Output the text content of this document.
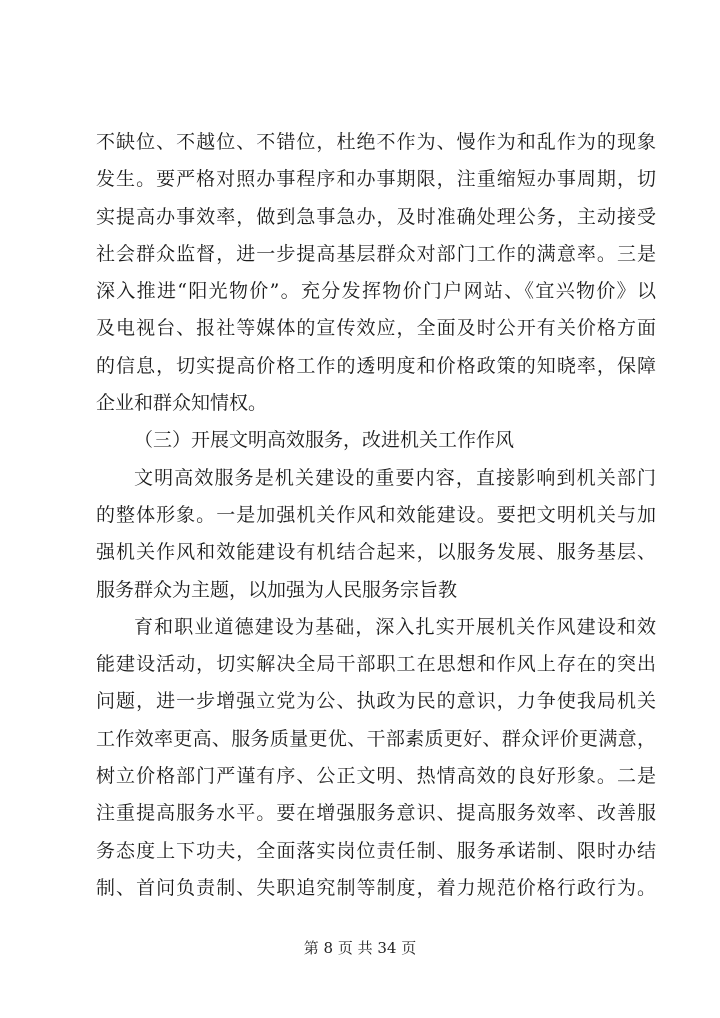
不缺位、不越位、不错位，杜绝不作为、慢作为和乱作为的现象
发生。要严格对照办事程序和办事期限，注重缩短办事周期，切
实提高办事效率，做到急事急办，及时准确处理公务，主动接受
社会群众监督，进一步提高基层群众对部门工作的满意率。三是
深入推进“阳光物价”。充分发挥物价门户网站、《宜兴物价》以
及电视台、报社等媒体的宣传效应，全面及时公开有关价格方面
的信息，切实提高价格工作的透明度和价格政策的知晓率，保障
企业和群众知情权。
（三）开展文明高效服务，改进机关工作作风
文明高效服务是机关建设的重要内容，直接影响到机关部门
的整体形象。一是加强机关作风和效能建设。要把文明机关与加
强机关作风和效能建设有机结合起来，以服务发展、服务基层、
服务群众为主题，以加强为人民服务宗旨教
育和职业道德建设为基础，深入扎实开展机关作风建设和效
能建设活动，切实解决全局干部职工在思想和作风上存在的突出
问题，进一步增强立党为公、执政为民的意识，力争使我局机关
工作效率更高、服务质量更优、干部素质更好、群众评价更满意，
树立价格部门严谨有序、公正文明、热情高效的良好形象。二是
注重提高服务水平。要在增强服务意识、提高服务效率、改善服
务态度上下功夫，全面落实岗位责任制、服务承诺制、限时办结
制、首问负责制、失职追究制等制度，着力规范价格行政行为。
第 8 页 共 34 页
